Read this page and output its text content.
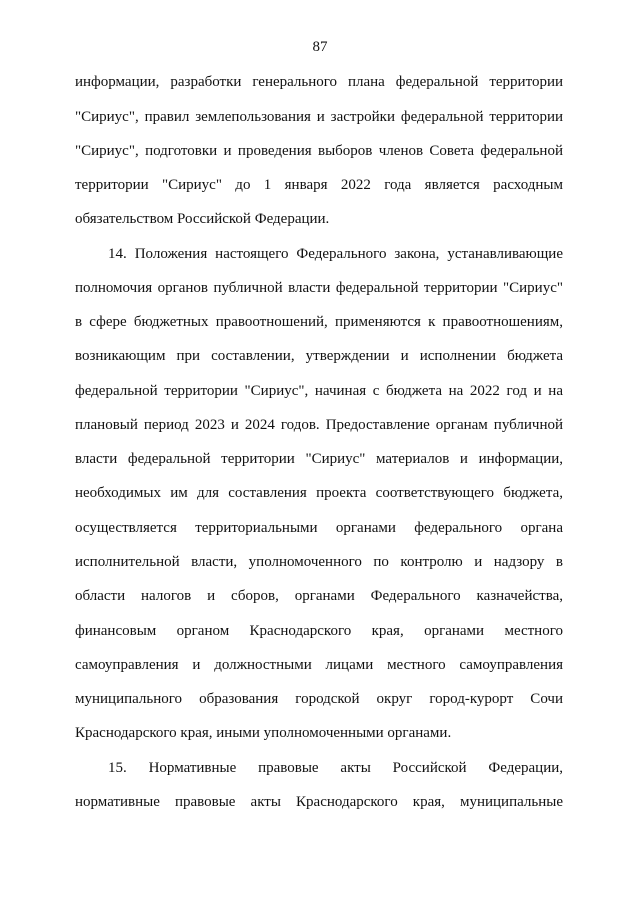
87
информации, разработки генерального плана федеральной территории
"Сириус", правил землепользования и застройки федеральной территории
"Сириус", подготовки и проведения выборов членов Совета федеральной
территории "Сириус" до 1 января 2022 года является расходным
обязательством Российской Федерации.
14. Положения настоящего Федерального закона, устанавливающие
полномочия органов публичной власти федеральной территории "Сириус"
в сфере бюджетных правоотношений, применяются к правоотношениям,
возникающим при составлении, утверждении и исполнении бюджета
федеральной территории "Сириус", начиная с бюджета на 2022 год и на
плановый период 2023 и 2024 годов. Предоставление органам публичной
власти федеральной территории "Сириус" материалов и информации,
необходимых им для составления проекта соответствующего бюджета,
осуществляется территориальными органами федерального органа
исполнительной власти, уполномоченного по контролю и надзору в
области налогов и сборов, органами Федерального казначейства,
финансовым органом Краснодарского края, органами местного
самоуправления и должностными лицами местного самоуправления
муниципального образования городской округ город-курорт Сочи
Краснодарского края, иными уполномоченными органами.
15. Нормативные правовые акты Российской Федерации,
нормативные правовые акты Краснодарского края, муниципальные
